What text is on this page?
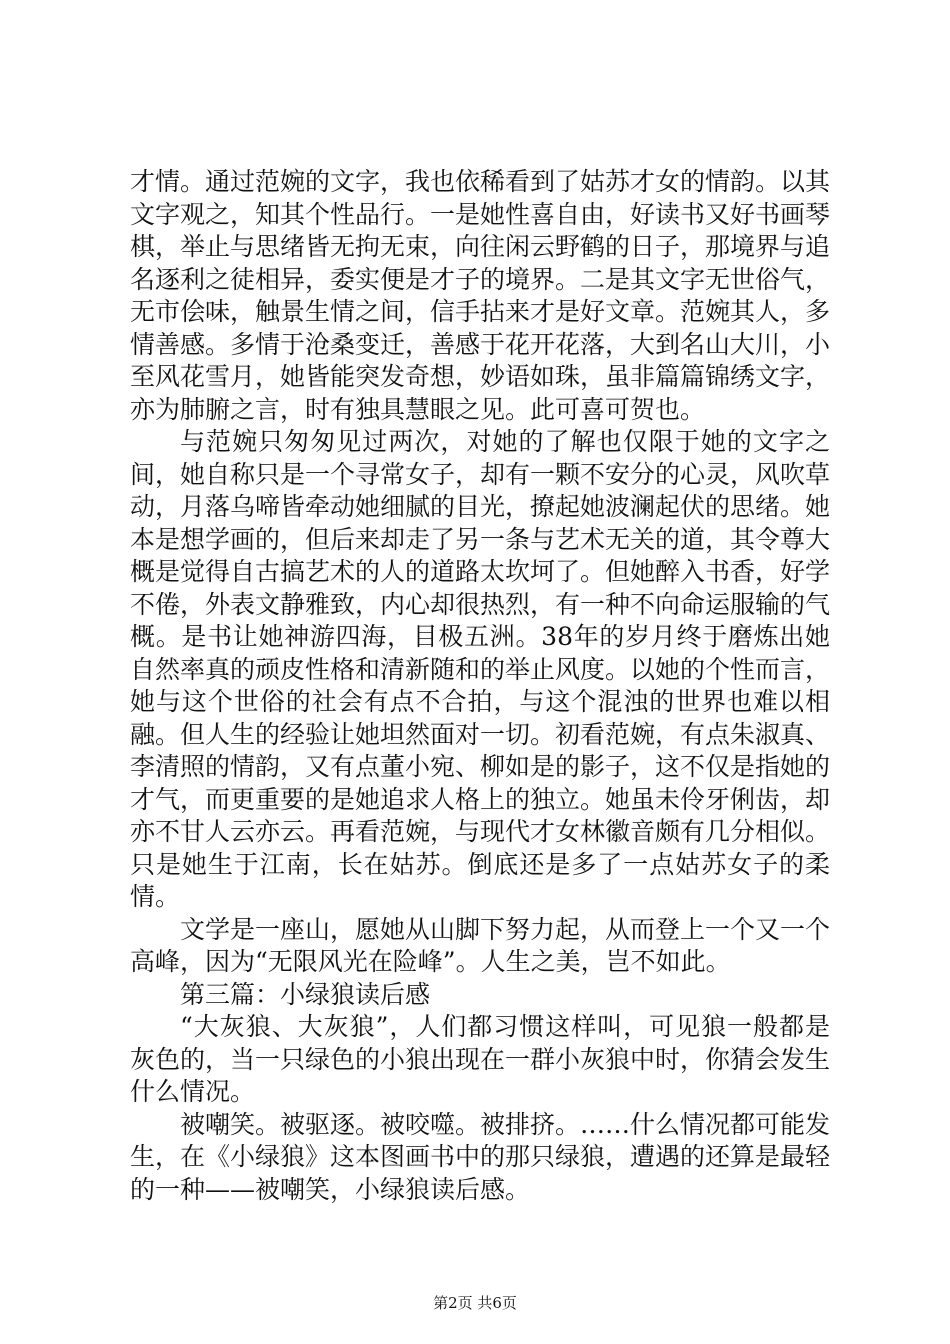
才情。通过范婉的文字，我也依稀看到了姑苏才女的情韵。以其文字观之，知其个性品行。一是她性喜自由，好读书又好书画琴棋，举止与思绪皆无拘无束，向往闲云野鹤的日子，那境界与追名逐利之徒相异，委实便是才子的境界。二是其文字无世俗气，无市侩味，触景生情之间，信手拈来才是好文章。范婉其人，多情善感。多情于沧桑变迁，善感于花开花落，大到名山大川，小至风花雪月，她皆能突发奇想，妙语如珠，虽非篇篇锦绣文字，亦为肺腑之言，时有独具慧眼之见。此可喜可贺也。

与范婉只匆匆见过两次，对她的了解也仅限于她的文字之间，她自称只是一个寻常女子，却有一颗不安分的心灵，风吹草动，月落乌啼皆牵动她细腻的目光，撩起她波澜起伏的思绪。她本是想学画的，但后来却走了另一条与艺术无关的道，其令尊大概是觉得自古搞艺术的人的道路太坎坷了。但她醉入书香，好学不倦，外表文静雅致，内心却很热烈，有一种不向命运服输的气概。是书让她神游四海，目极五洲。38年的岁月终于磨炼出她自然率真的顽皮性格和清新随和的举止风度。以她的个性而言，她与这个世俗的社会有点不合拍，与这个混浊的世界也难以相融。但人生的经验让她坦然面对一切。初看范婉，有点朱淑真、李清照的情韵，又有点董小宛、柳如是的影子，这不仅是指她的才气，而更重要的是她追求人格上的独立。她虽未伶牙俐齿，却亦不甘人云亦云。再看范婉，与现代才女林徽音颇有几分相似。只是她生于江南，长在姑苏。倒底还是多了一点姑苏女子的柔情。

文学是一座山，愿她从山脚下努力起，从而登上一个又一个高峰，因为“无限风光在险峰”。人生之美，岂不如此。

第三篇：小绿狼读后感

“大灰狼、大灰狼”，人们都习惯这样叫，可见狼一般都是灰色的，当一只绿色的小狼出现在一群小灰狼中时，你猜会发生什么情况。

被嘲笑。被驱逐。被咬噬。被排挤。……什么情况都可能发生，在《小绿狼》这本图画书中的那只绿狼，遭遇的还算是最轻的一种——被嘲笑，小绿狼读后感。

第2页 共6页
